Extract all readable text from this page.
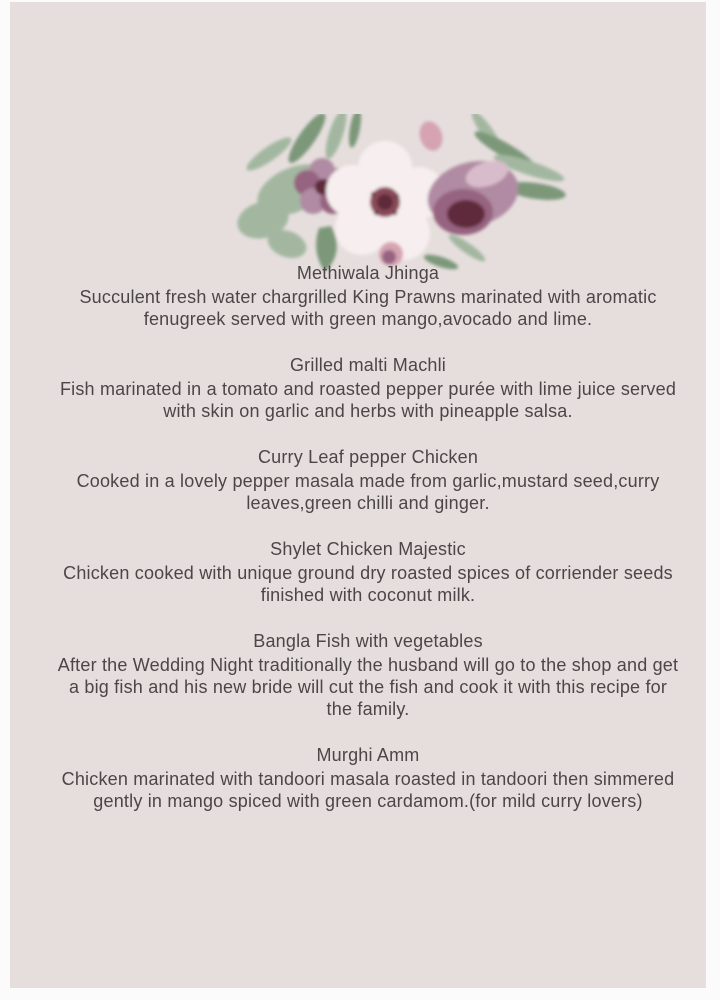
Methiwala Jhinga
Succulent fresh water chargrilled King Prawns marinated with aromatic fenugreek served with green mango,avocado and lime.
Grilled malti Machli
Fish marinated in a tomato and roasted pepper purée with lime juice served with skin on garlic and herbs with pineapple salsa.
Curry Leaf pepper Chicken
Cooked in a lovely pepper masala made from garlic,mustard seed,curry leaves,green chilli and ginger.
Shylet Chicken Majestic
Chicken cooked with unique ground dry roasted spices of corriender seeds finished with coconut milk.
Bangla Fish with vegetables
After the Wedding Night traditionally the husband will go to the shop and get a big fish and his new bride will cut the fish and cook it with this recipe for the family.
Murghi Amm
Chicken marinated with tandoori masala roasted in tandoori then simmered gently in mango spiced with green cardamom.(for mild curry lovers)
